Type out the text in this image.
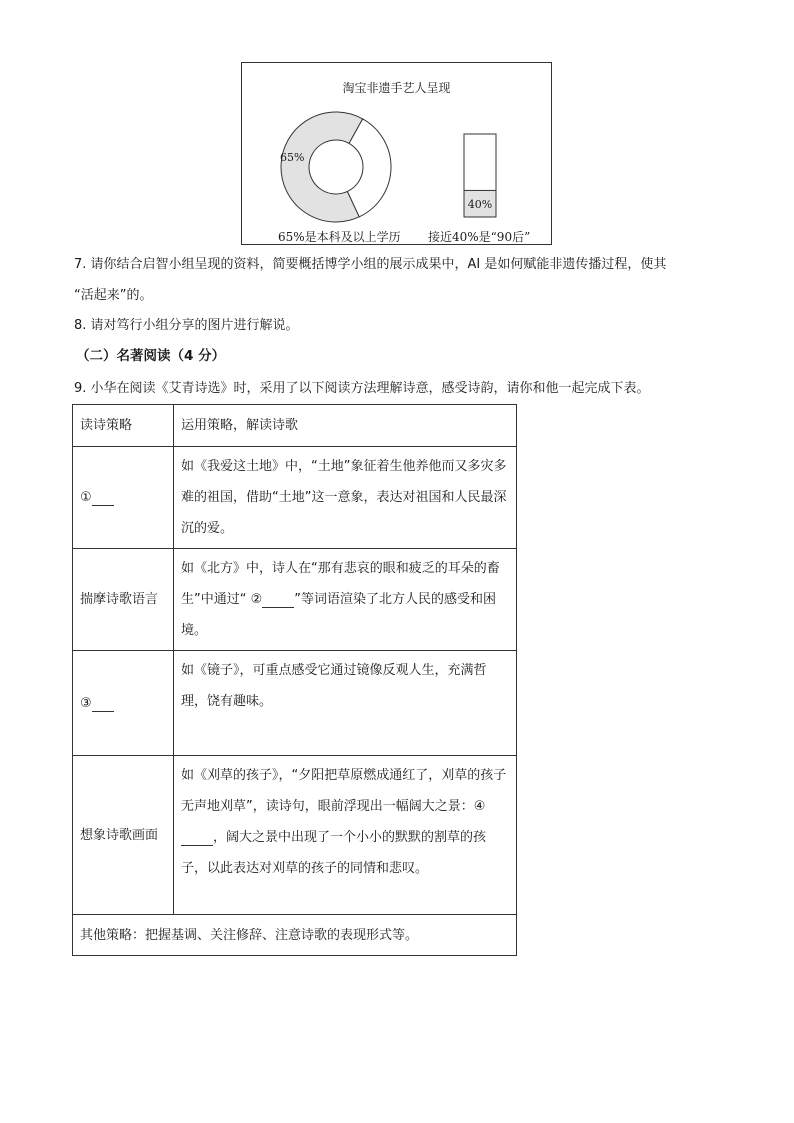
淘宝非遗手艺人呈现
65%
40%
65%是本科及以上学历 接近40%是“90后”
7. 请你结合启智小组呈现的资料，简要概括博学小组的展示成果中，AI 是如何赋能非遗传播过程，使其
“活起来”的。
8. 请对笃行小组分享的图片进行解说。
（二）名著阅读（4 分）
9. 小华在阅读《艾青诗选》时，采用了以下阅读方法理解诗意，感受诗韵，请你和他一起完成下表。
读诗策略	运用策略，解读诗歌
①	如《我爱这土地》中，“土地”象征着生他养他而又多灾多难的祖国，借助“土地”这一意象，表达对祖国和人民最深沉的爱。
揣摩诗歌语言	如《北方》中，诗人在“那有悲哀的眼和疲乏的耳朵的畜生”中通过“ ② ”等词语渲染了北方人民的感受和困境。
③	如《镜子》，可重点感受它通过镜像反观人生，充满哲理，饶有趣味。
想象诗歌画面	如《刈草的孩子》，“夕阳把草原燃成通红了，刈草的孩子无声地刈草”，读诗句，眼前浮现出一幅阔大之景：④ ，阔大之景中出现了一个小小的默默的割草的孩子，以此表达对刈草的孩子的同情和悲叹。
其他策略：把握基调、关注修辞、注意诗歌的表现形式等。	
